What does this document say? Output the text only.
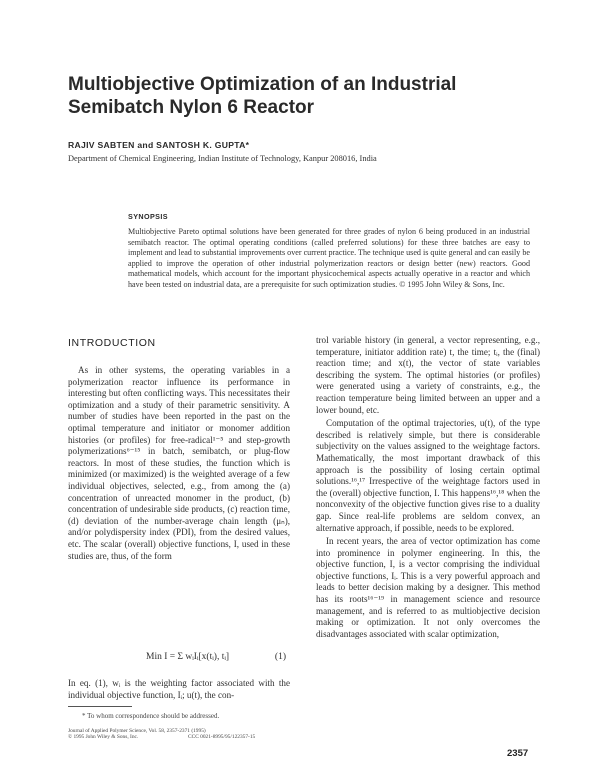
Multiobjective Optimization of an Industrial Semibatch Nylon 6 Reactor
RAJIV SABTEN and SANTOSH K. GUPTA*
Department of Chemical Engineering, Indian Institute of Technology, Kanpur 208016, India
SYNOPSIS
Multiobjective Pareto optimal solutions have been generated for three grades of nylon 6 being produced in an industrial semibatch reactor. The optimal operating conditions (called preferred solutions) for these three batches are easy to implement and lead to substantial improvements over current practice. The technique used is quite general and can easily be applied to improve the operation of other industrial polymerization reactors or design better (new) reactors. Good mathematical models, which account for the important physicochemical aspects actually operative in a reactor and which have been tested on industrial data, are a prerequisite for such optimization studies. © 1995 John Wiley & Sons, Inc.
INTRODUCTION

As in other systems, the operating variables in a polymerization reactor influence its performance in interesting but often conflicting ways. This necessitates their optimization and a study of their parametric sensitivity. A number of studies have been reported in the past on the optimal temperature and initiator or monomer addition histories (or profiles) for free-radical¹⁻⁵ and step-growth polymerizations⁶⁻¹⁵ in batch, semibatch, or plug-flow reactors. In most of these studies, the function which is minimized (or maximized) is the weighted average of a few individual objectives, selected, e.g., from among the (a) concentration of unreacted monomer in the product, (b) concentration of undesirable side products, (c) reaction time, (d) deviation of the number-average chain length (μₙ), and/or polydispersity index (PDI), from the desired values, etc. The scalar (overall) objective functions, I, used in these studies are, thus, of the form

Min I = Σ wᵢIᵢ[x(tᵢ), tᵢ]	(1)

In eq. (1), wᵢ is the weighting factor associated with the individual objective function, Iᵢ; u(t), the con-

trol variable history (in general, a vector representing, e.g., temperature, initiator addition rate) t, the time; tᵢ, the (final) reaction time; and x(t), the vector of state variables describing the system. The optimal histories (or profiles) were generated using a variety of constraints, e.g., the reaction temperature being limited between an upper and a lower bound, etc.

Computation of the optimal trajectories, u(t), of the type described is relatively simple, but there is considerable subjectivity on the values assigned to the weightage factors. Mathematically, the most important drawback of this approach is the possibility of losing certain optimal solutions.¹⁶,¹⁷ Irrespective of the weightage factors used in the (overall) objective function, I. This happens¹⁶,¹⁸ when the nonconvexity of the objective function gives rise to a duality gap. Since real-life problems are seldom convex, an alternative approach, if possible, needs to be explored.

In recent years, the area of vector optimization has come into prominence in polymer engineering. In this, the objective function, I, is a vector comprising the individual objective functions, Iᵢ. This is a very powerful approach and leads to better decision making by a designer. This method has its roots¹⁶⁻¹⁹ in management science and resource management, and is referred to as multiobjective decision making or optimization. It not only overcomes the disadvantages associated with scalar optimization,

* To whom correspondence should be addressed.
Journal of Applied Polymer Science, Vol. 58, 2357-2371 (1995)
© 1995 John Wiley & Sons, Inc.	CCC 0021-8995/95/122357-15
2357
